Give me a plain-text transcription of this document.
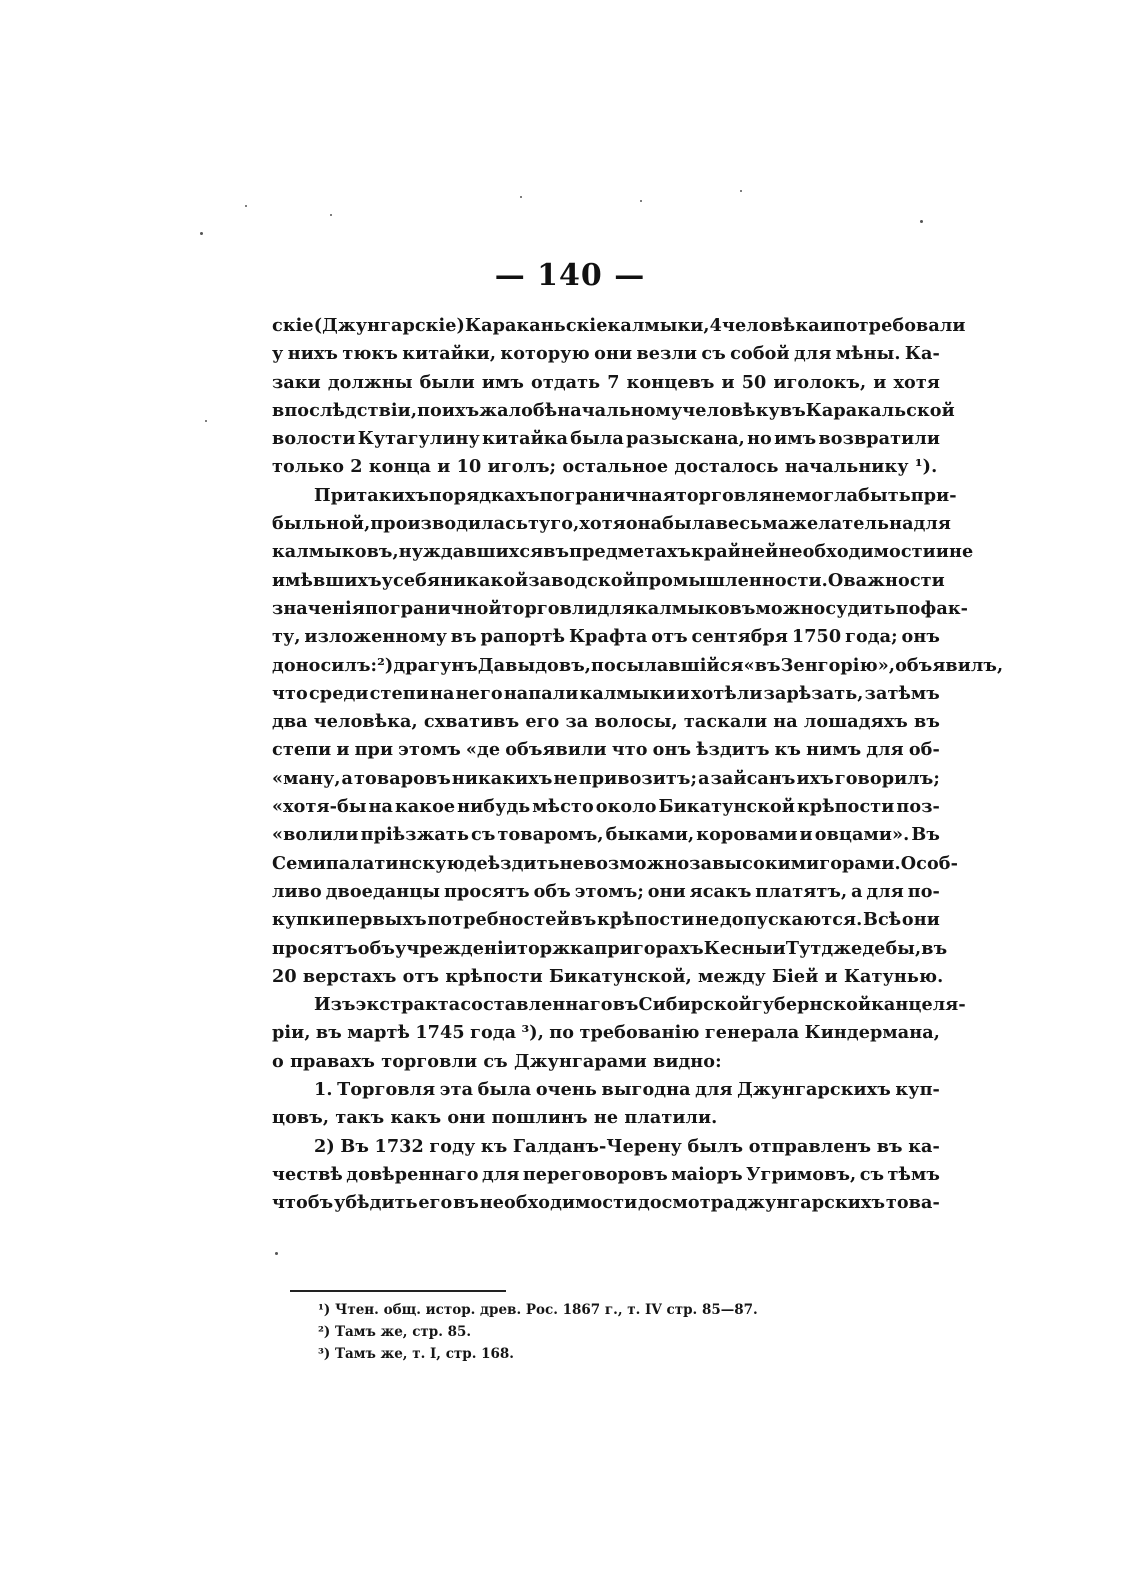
— 140 —
скiе (Джунгарскiе) Караканьскiе калмыки, 4 человѣка и потребовали
у нихъ тюкъ китайки, которую они везли съ собой для мѣны. Ка-
заки должны были имъ отдать 7 концевъ и 50 иголокъ, и хотя
впослѣдствiи, по ихъ жалобѣ начальному человѣку въ Каракальской
волости Кутагулину китайка была разыскана, но имъ возвратили
только 2 конца и 10 иголъ; остальное досталось начальнику ¹).
При такихъ порядкахъ пограничная торговля не могла быть при-
быльной, производилась туго, хотя она была весьма желательна для
калмыковъ, нуждавшихся въ предметахъ крайней необходимости и не
имѣвшихъ у себя никакой заводской промышленности. О важности
значенiя пограничной торговли для калмыковъ можно судить по фак-
ту, изложенному въ рапортѣ Крафта отъ сентября 1750 года; онъ
доносилъ:²) драгунъ Давыдовъ, посылавшiйся «въ Зенгорiю», объявилъ,
что среди степи на него напали калмыки и хотѣли зарѣзать, затѣмъ
два человѣка, схвативъ его за волосы, таскали на лошадяхъ въ
степи и при этомъ «де объявили что онъ ѣздитъ къ нимъ для об-
«ману, а товаровъ никакихъ не привозитъ; а зайсанъ ихъ говорилъ;
«хотя-бы на какое нибудь мѣсто около Бикатунской крѣпости поз-
«волили прiѣзжать съ товаромъ, быками, коровами и овцами». Въ
Семипалатинскую де ѣздить невозможно за высокими горами. Особ-
ливо двоеданцы просятъ объ этомъ; они ясакъ платятъ, а для по-
купки первыхъ потребностей въ крѣпости не допускаются. Всѣ они
просятъ объ учрежденiи торжка при горахъ Кесны и Тутджедебы, въ
20 верстахъ отъ крѣпости Бикатунской, между Бiей и Катунью.
Изъ экстракта составленнаго въ Сибирской губернской канцеля-
рiи, въ мартѣ 1745 года ³), по требованiю генерала Киндермана,
о правахъ торговли съ Джунгарами видно:
1. Торговля эта была очень выгодна для Джунгарскихъ куп-
цовъ, такъ какъ они пошлинъ не платили.
2) Въ 1732 году къ Галданъ-Черену былъ отправленъ въ ка-
чествѣ довѣреннаго для переговоровъ маiоръ Угримовъ, съ тѣмъ
чтобъ убѣдить его въ необходимости досмотра джунгарскихъ това-
¹) Чтен. общ. истор. древ. Рос. 1867 г., т. IV стр. 85—87.
²) Тамъ же, стр. 85.
³) Тамъ же, т. I, стр. 168.
